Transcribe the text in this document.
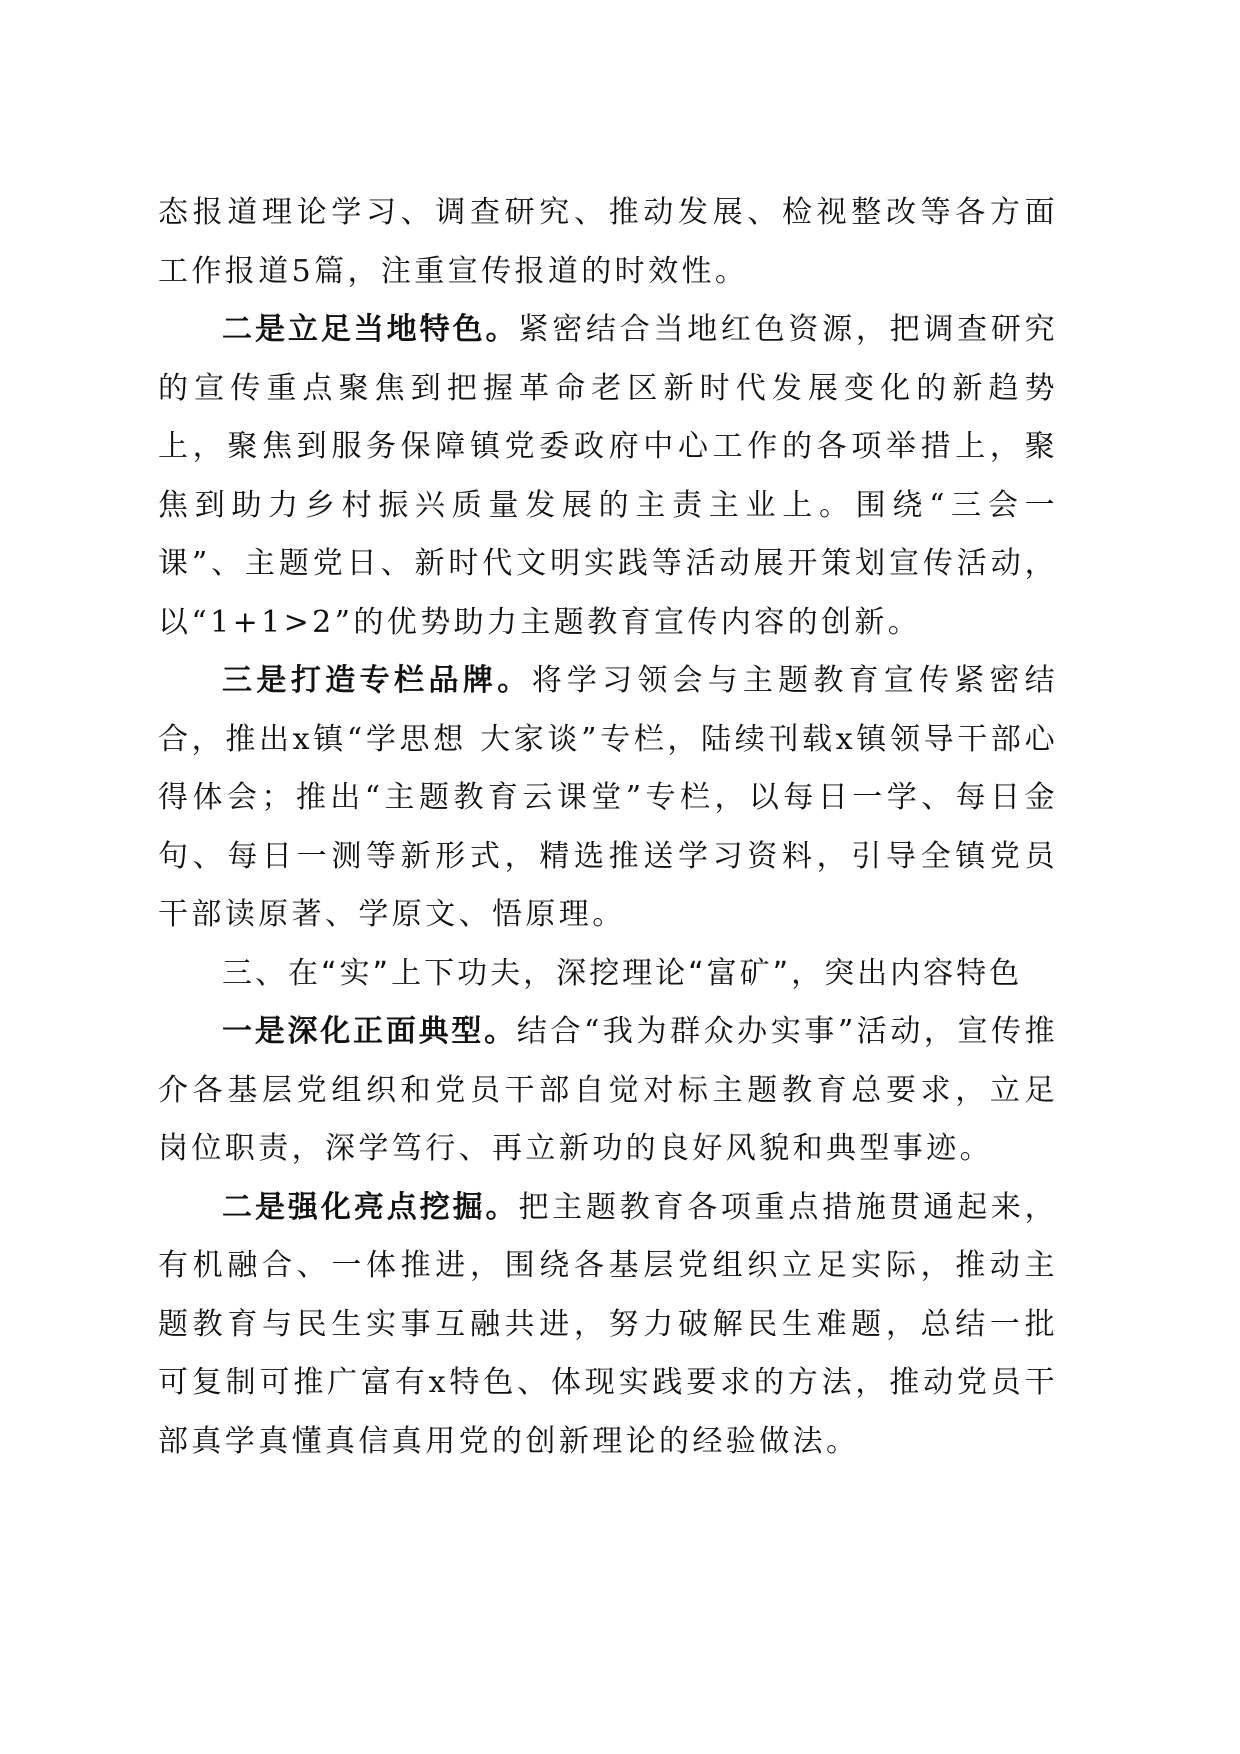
态报道理论学习、调查研究、推动发展、检视整改等各方面工作报道5篇，注重宣传报道的时效性。

二是立足当地特色。紧密结合当地红色资源，把调查研究的宣传重点聚焦到把握革命老区新时代发展变化的新趋势上，聚焦到服务保障镇党委政府中心工作的各项举措上，聚焦到助力乡村振兴质量发展的主责主业上。围绕“三会一课”、主题党日、新时代文明实践等活动展开策划宣传活动，以“1+1>2”的优势助力主题教育宣传内容的创新。

三是打造专栏品牌。将学习领会与主题教育宣传紧密结合，推出x镇“学思想 大家谈”专栏，陆续刊载x镇领导干部心得体会；推出“主题教育云课堂”专栏，以每日一学、每日金句、每日一测等新形式，精选推送学习资料，引导全镇党员干部读原著、学原文、悟原理。

三、在“实”上下功夫，深挖理论“富矿”，突出内容特色

一是深化正面典型。结合“我为群众办实事”活动，宣传推介各基层党组织和党员干部自觉对标主题教育总要求，立足岗位职责，深学笃行、再立新功的良好风貌和典型事迹。

二是强化亮点挖掘。把主题教育各项重点措施贯通起来，有机融合、一体推进，围绕各基层党组织立足实际，推动主题教育与民生实事互融共进，努力破解民生难题，总结一批可复制可推广富有x特色、体现实践要求的方法，推动党员干部真学真懂真信真用党的创新理论的经验做法。
